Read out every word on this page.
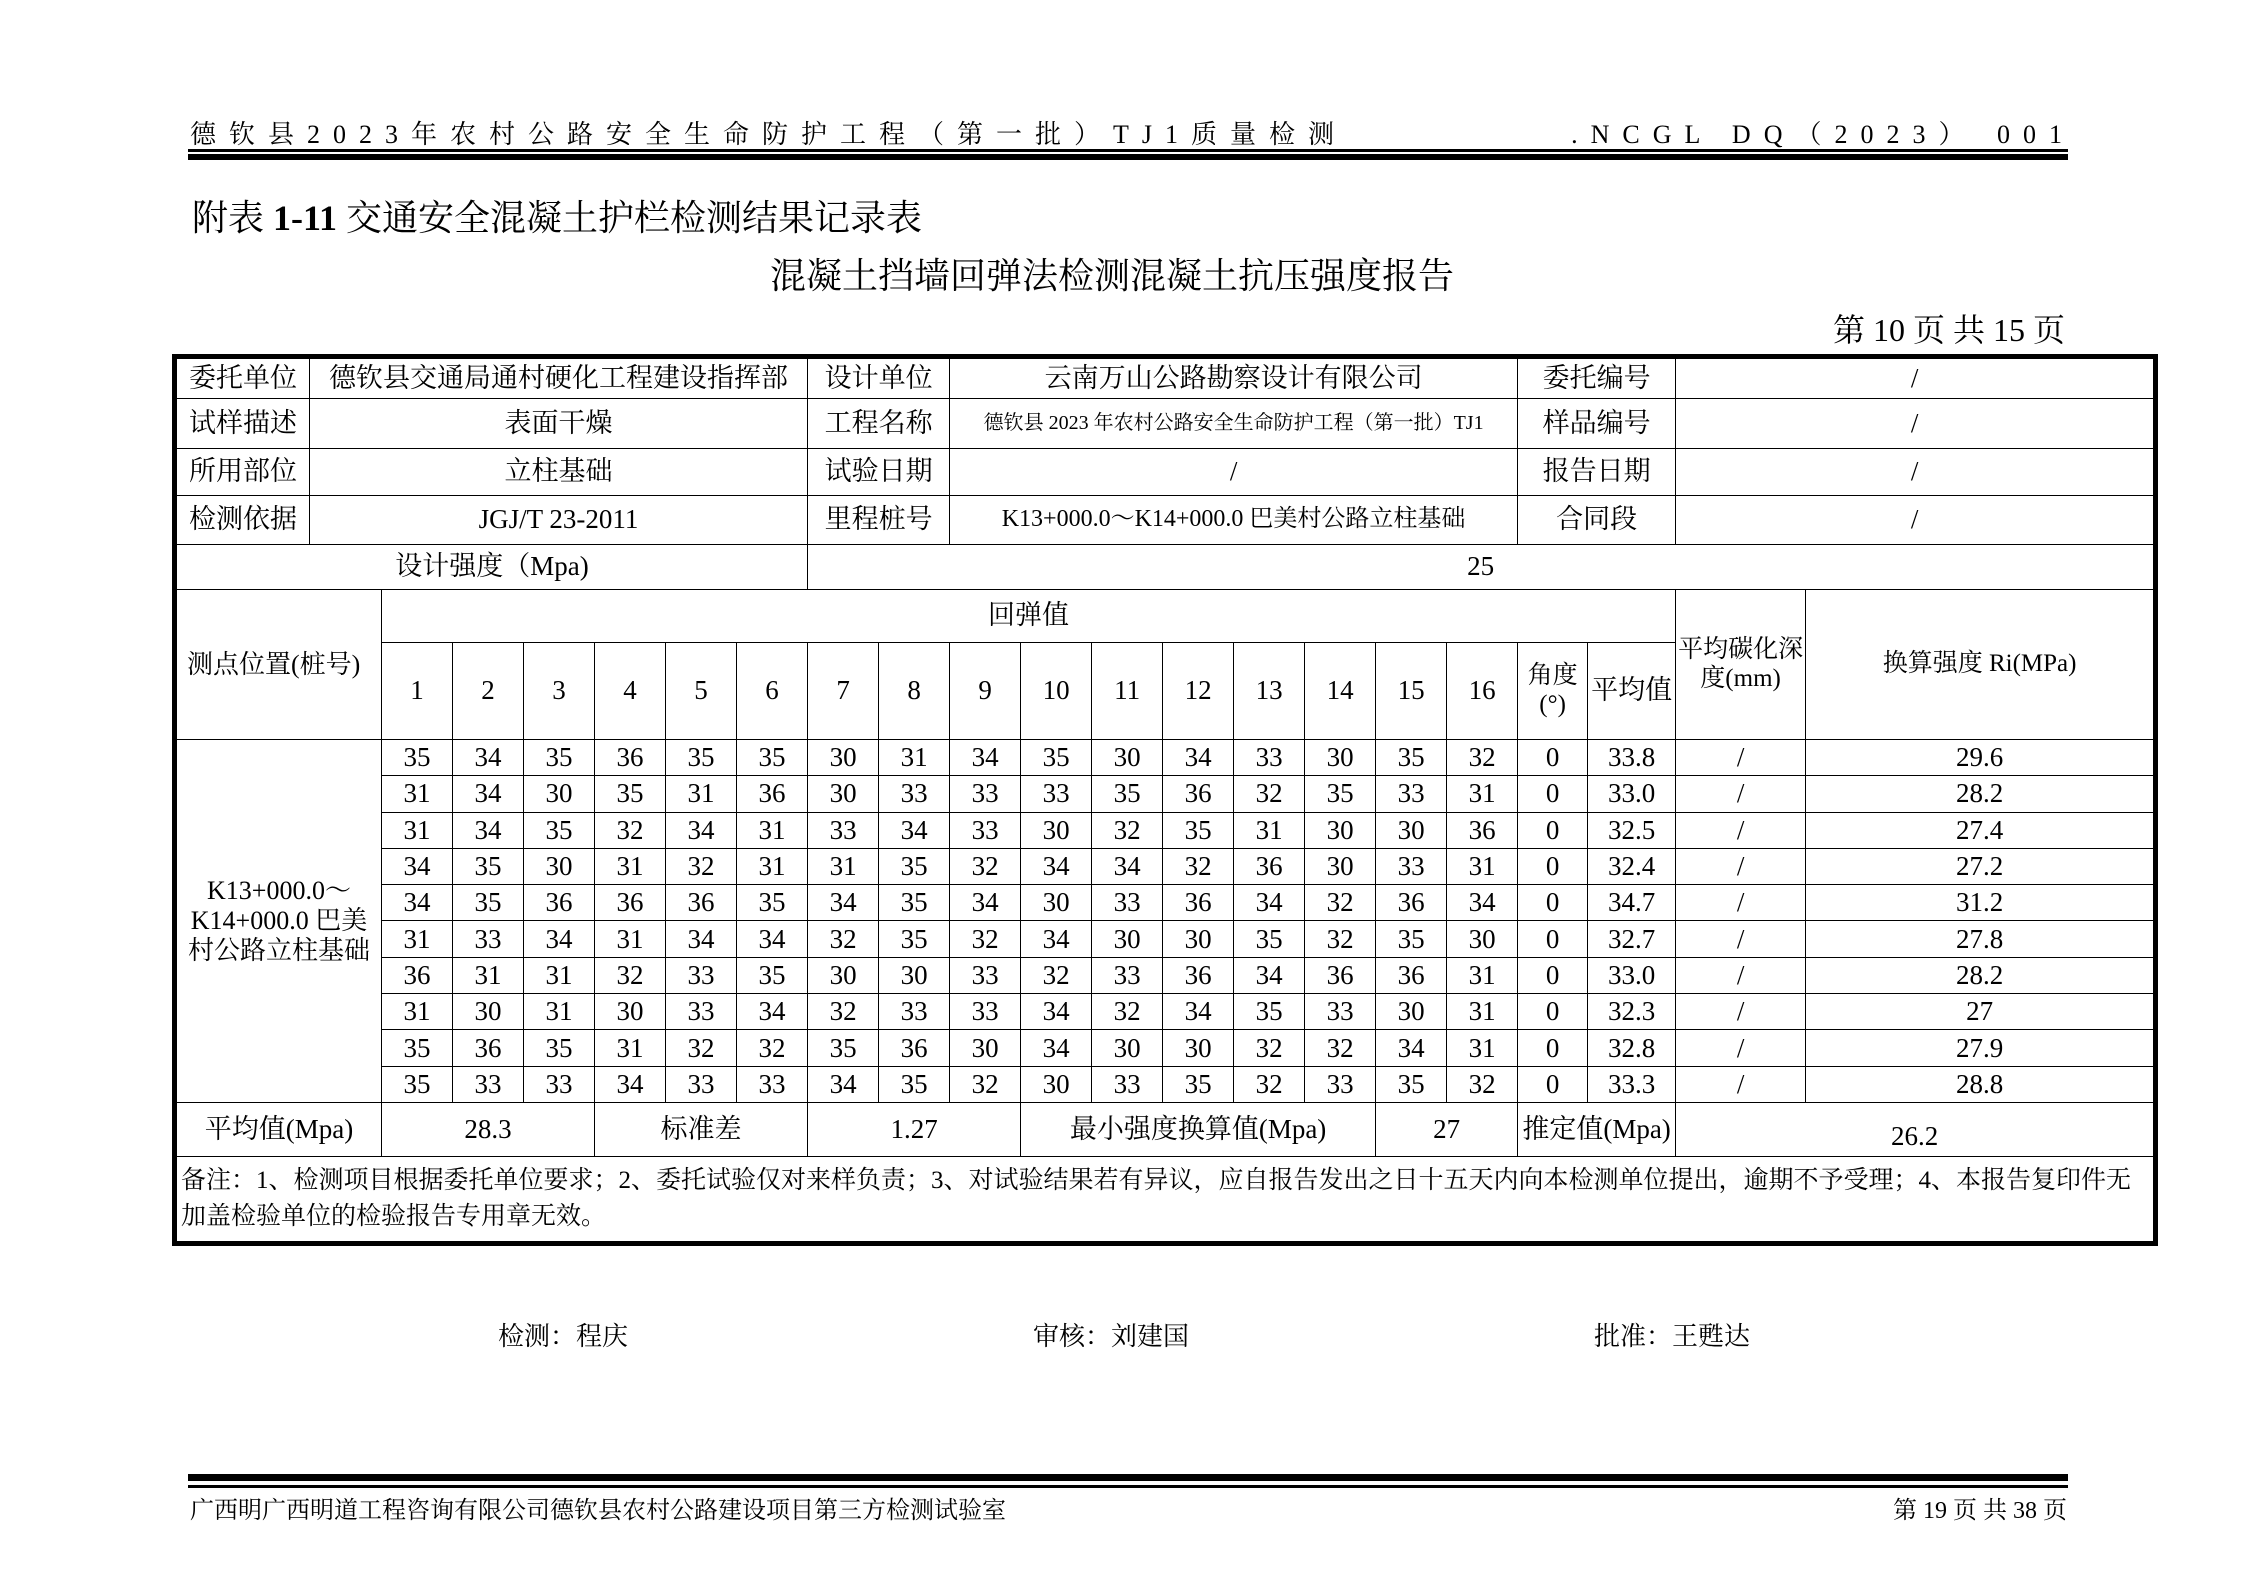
德钦县2023年农村公路安全生命防护工程（第一批）TJ1质量检测	.NCGL DQ（2023） 001
附表 1-11 交通安全混凝土护栏检测结果记录表
混凝土挡墙回弹法检测混凝土抗压强度报告
第 10 页 共 15 页
委托单位	德钦县交通局通村硬化工程建设指挥部							设计单位		云南万山公路勘察设计有限公司								委托编号		/	
试样描述	表面干燥							工程名称		德钦县 2023 年农村公路安全生命防护工程（第一批）TJ1								样品编号		/	
所用部位	立柱基础							试验日期		/								报告日期		/	
检测依据	JGJ/T 23-2011							里程桩号		K13+000.0～K14+000.0 巴美村公路立柱基础								合同段		/	
设计强度（Mpa)								25													
测点位置(桩号)		回弹值																		平均碳化深度(mm)	换算强度 Ri(MPa)
		1	2	3	4	5	6	7	8	9	10	11	12	13	14	15	16	角度(°)	平均值		
K13+000.0～K14+000.0 巴美村公路立柱基础		35	34	35	36	35	35	30	31	34	35	30	34	33	30	35	32	0	33.8	/	29.6
		31	34	30	35	31	36	30	33	33	33	35	36	32	35	33	31	0	33.0	/	28.2
		31	34	35	32	34	31	33	34	33	30	32	35	31	30	30	36	0	32.5	/	27.4
		34	35	30	31	32	31	31	35	32	34	34	32	36	30	33	31	0	32.4	/	27.2
		34	35	36	36	36	35	34	35	34	30	33	36	34	32	36	34	0	34.7	/	31.2
		31	33	34	31	34	34	32	35	32	34	30	30	35	32	35	30	0	32.7	/	27.8
		36	31	31	32	33	35	30	30	33	32	33	36	34	36	36	31	0	33.0	/	28.2
		31	30	31	30	33	34	32	33	33	34	32	34	35	33	30	31	0	32.3	/	27
		35	36	35	31	32	32	35	36	30	34	30	30	32	32	34	31	0	32.8	/	27.9
		35	33	33	34	33	33	34	35	32	30	33	35	32	33	35	32	0	33.3	/	28.8
平均值(Mpa)		28.3			标准差			1.27			最小强度换算值(Mpa)					27		推定值(Mpa)		26.2	
备注：1、检测项目根据委托单位要求；2、委托试验仅对来样负责；3、对试验结果若有异议，应自报告发出之日十五天内向本检测单位提出，逾期不予受理；4、本报告复印件无加盖检验单位的检验报告专用章无效。																					
检测：程庆	审核：刘建国	批准：王甦达
广西明广西明道工程咨询有限公司德钦县农村公路建设项目第三方检测试验室	第 19 页 共 38 页
